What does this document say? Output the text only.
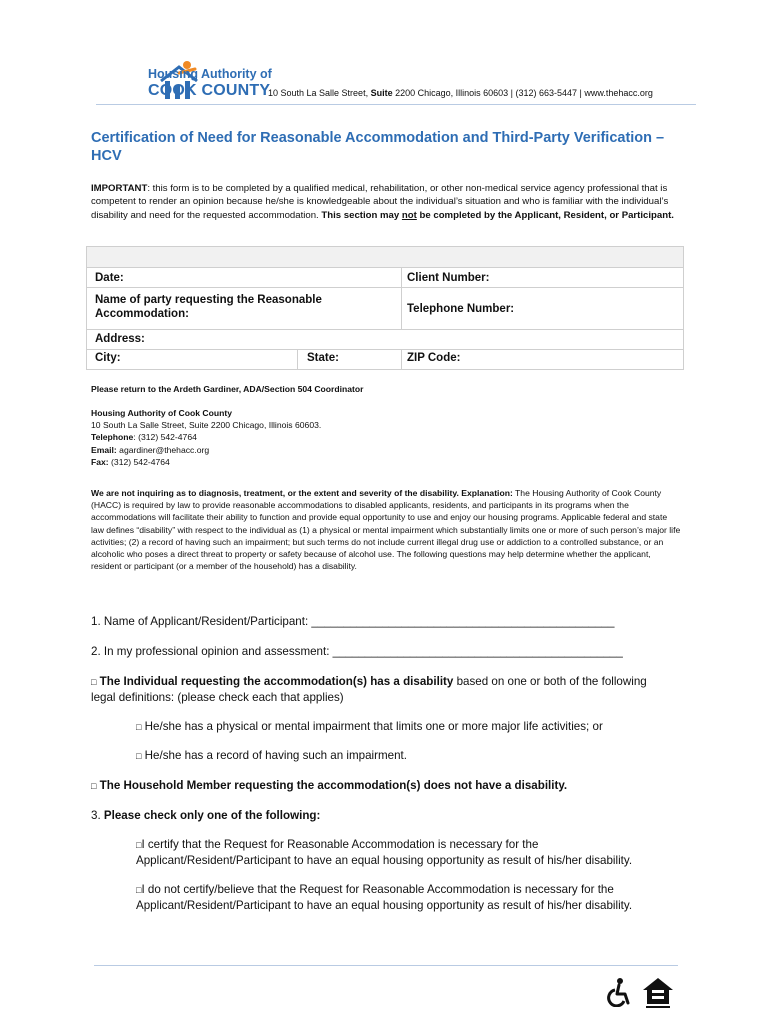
Housing Authority of
COOK COUNTY
10 South La Salle Street, Suite 2200 Chicago, Illinois 60603 | (312) 663-5447 | www.thehacc.org
Certification of Need for Reasonable Accommodation and Third-Party Verification – HCV
IMPORTANT: this form is to be completed by a qualified medical, rehabilitation, or other non-medical service agency professional that is competent to render an opinion because he/she is knowledgeable about the individual’s situation and who is familiar with the individual’s disability and need for the requested accommodation. This section may not be completed by the Applicant, Resident, or Participant.
Date:	Client Number:
Name of party requesting the Reasonable Accommodation:	Telephone Number:
Address:
City:	State:	ZIP Code:
Please return to the Ardeth Gardiner, ADA/Section 504 Coordinator
Housing Authority of Cook County
10 South La Salle Street, Suite 2200 Chicago, Illinois 60603.
Telephone: (312) 542-4764
Email: agardiner@thehacc.org
Fax: (312) 542-4764
We are not inquiring as to diagnosis, treatment, or the extent and severity of the disability. Explanation: The Housing Authority of Cook County (HACC) is required by law to provide reasonable accommodations to disabled applicants, residents, and participants in its programs when the accommodations will facilitate their ability to function and provide equal opportunity to use and enjoy our housing programs. Applicable federal and state law defines “disability” with respect to the individual as (1) a physical or mental impairment which substantially limits one or more of such person’s major life activities; (2) a record of having such an impairment; but such terms do not include current illegal drug use or addiction to a controlled substance, or an alcoholic who poses a direct threat to property or safety because of alcohol use. The following questions may help determine whether the applicant, resident or participant (or a member of the household) has a disability.
1. Name of Applicant/Resident/Participant: _______________________________________________
2. In my professional opinion and assessment: _____________________________________________
□ The Individual requesting the accommodation(s) has a disability based on one or both of the following legal definitions: (please check each that applies)
□ He/she has a physical or mental impairment that limits one or more major life activities; or
□ He/she has a record of having such an impairment.
□ The Household Member requesting the accommodation(s) does not have a disability.
3. Please check only one of the following:
□I certify that the Request for Reasonable Accommodation is necessary for the Applicant/Resident/Participant to have an equal housing opportunity as result of his/her disability.
□I do not certify/believe that the Request for Reasonable Accommodation is necessary for the Applicant/Resident/Participant to have an equal housing opportunity as result of his/her disability.
